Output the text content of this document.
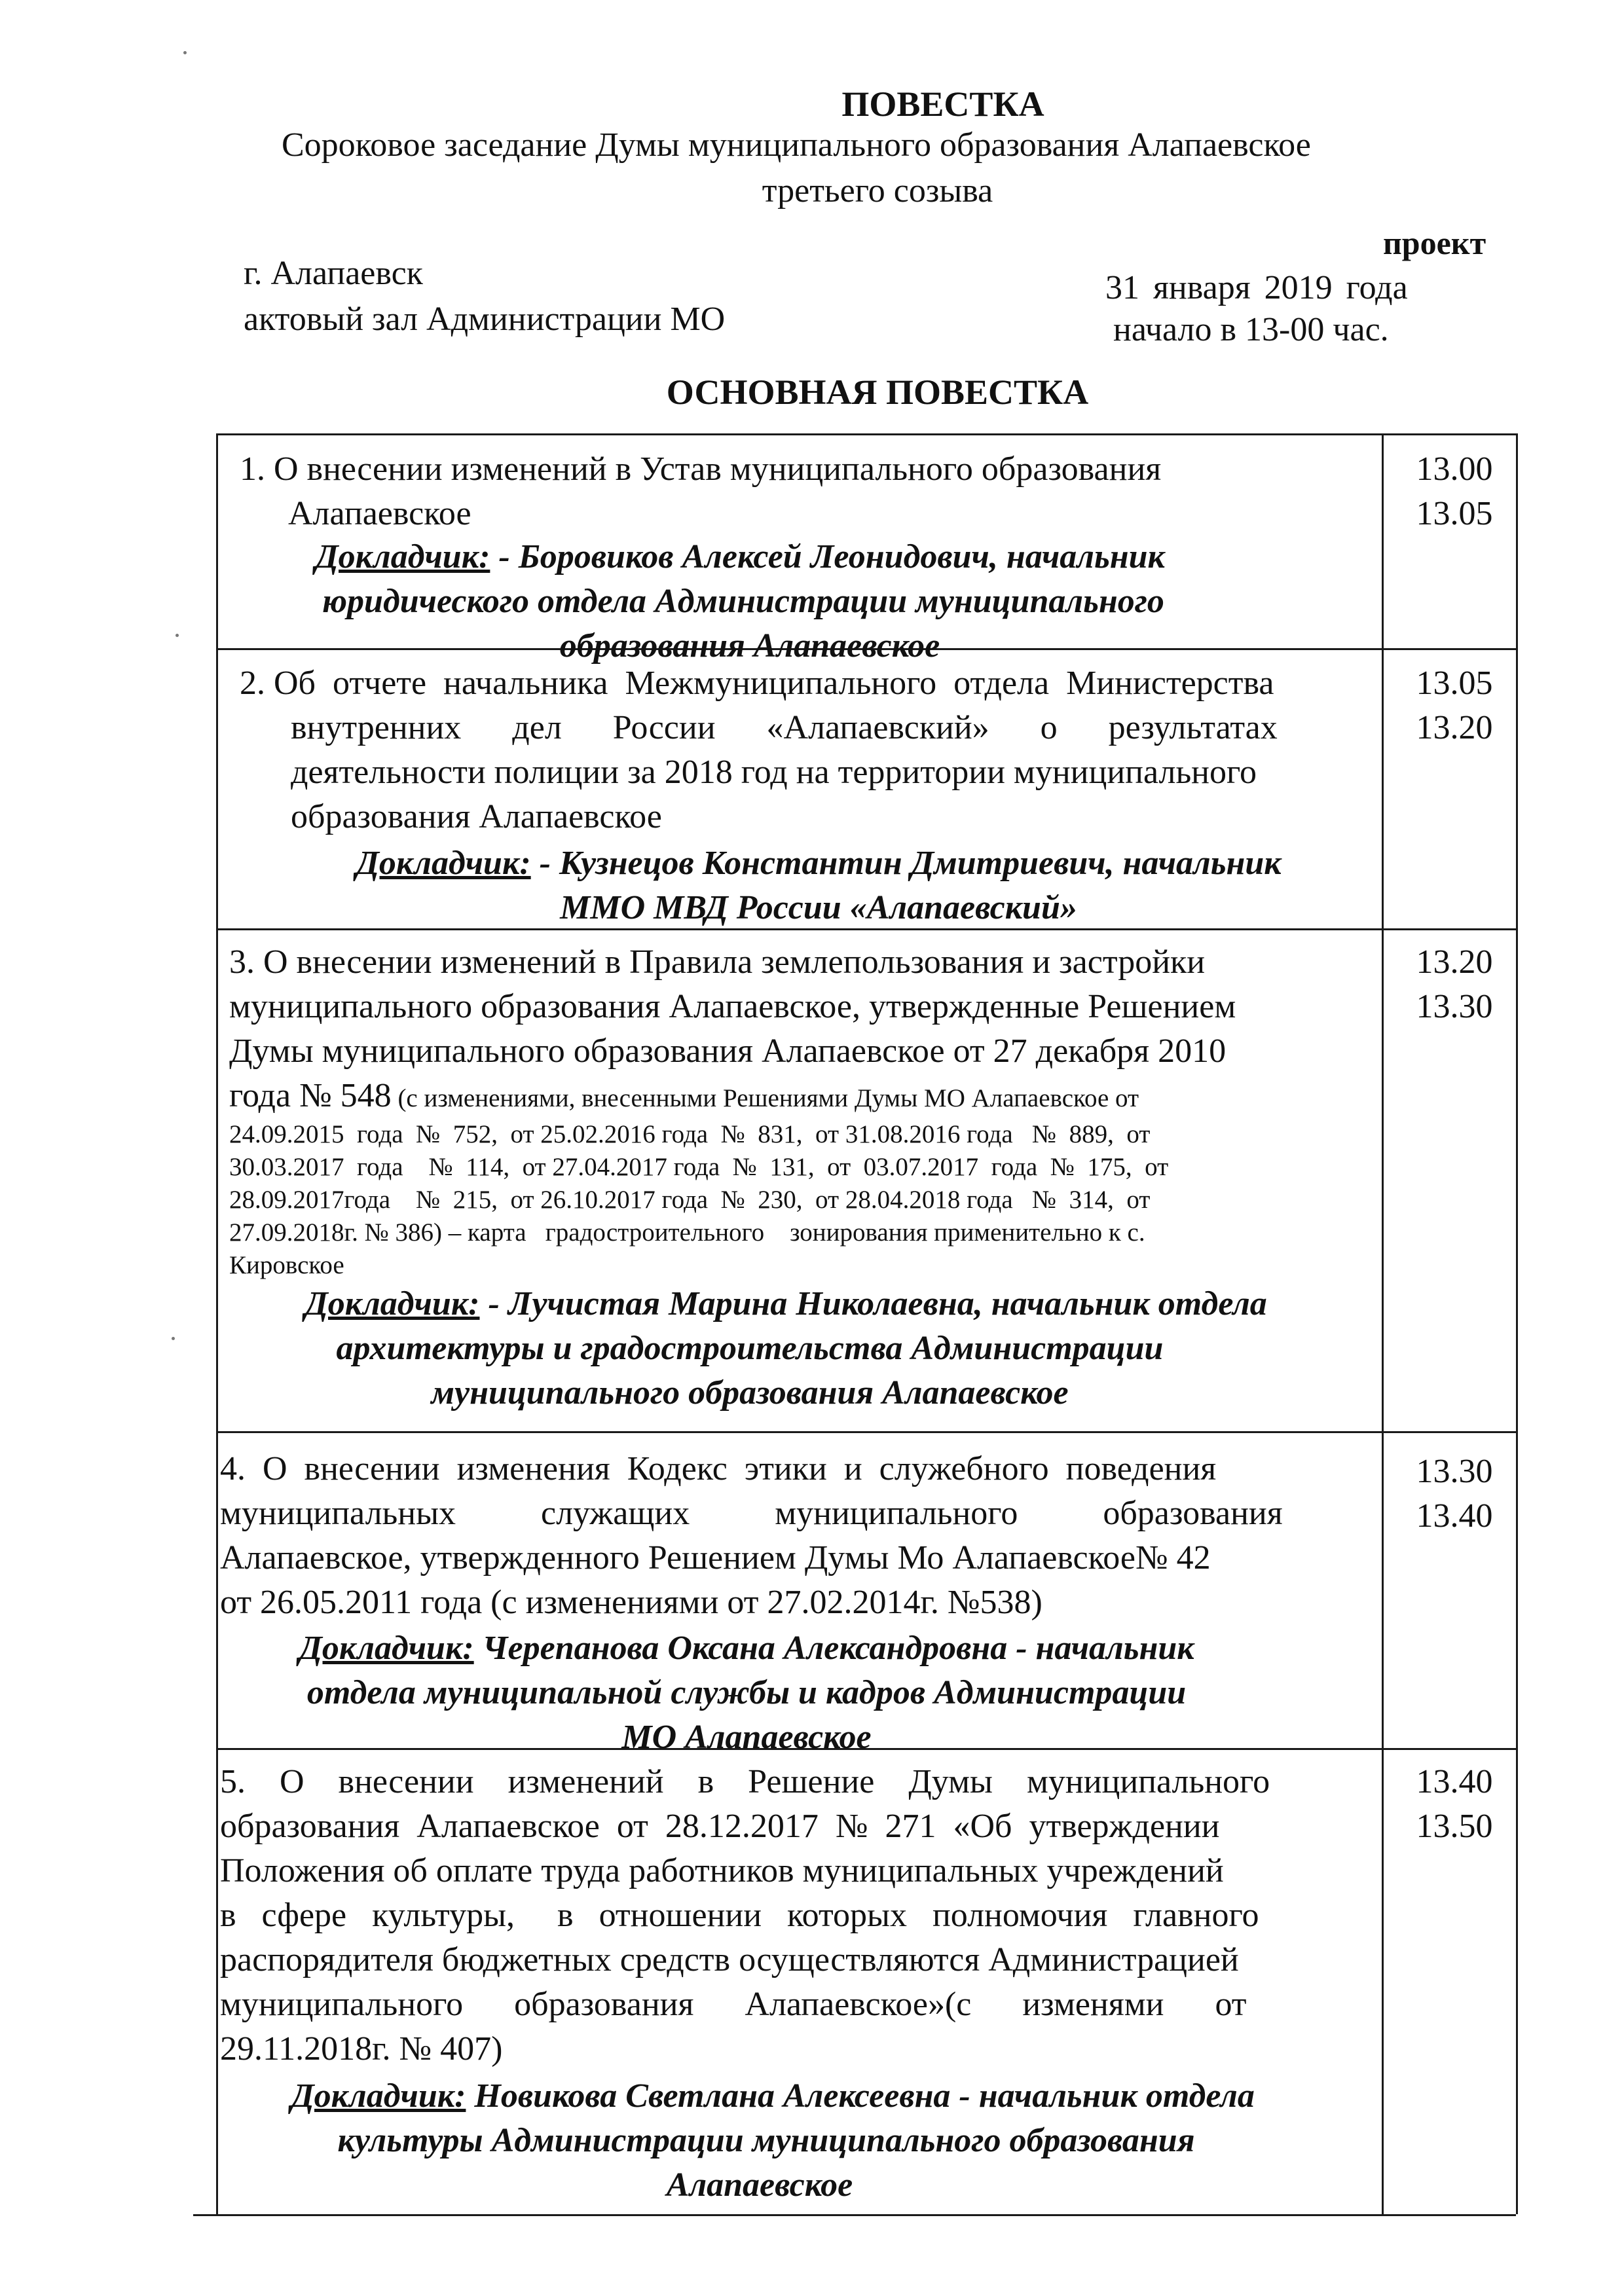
ПОВЕСТКА
Сороковое заседание Думы муниципального образования Алапаевское
третьего созыва
проект
г. Алапаевск
актовый зал Администрации МО
31 января 2019 года
начало в 13-00 час.
ОСНОВНАЯ ПОВЕСТКА
1. О внесении изменений в Устав муниципального образования
Алапаевское
Докладчик: - Боровиков Алексей Леонидович, начальник
юридического отдела Администрации муниципального
образования Алапаевское
13.00
13.05
2. Об  отчете  начальника  Межмуниципального  отдела  Министерства
внутренних      дел      России      «Алапаевский»      о      результатах
деятельности полиции за 2018 год на территории муниципального
образования Алапаевское
Докладчик: - Кузнецов Константин Дмитриевич, начальник
ММО МВД России «Алапаевский»
13.05
13.20
3. О внесении изменений в Правила землепользования и застройки
муниципального образования Алапаевское, утвержденные Решением
Думы муниципального образования Алапаевское от 27 декабря 2010
года № 548 (с изменениями, внесенными Решениями Думы МО Алапаевское от
24.09.2015  года  №  752,  от 25.02.2016 года  №  831,  от 31.08.2016 года   №  889,  от
30.03.2017  года    №  114,  от 27.04.2017 года  №  131,  от  03.07.2017  года  №  175,  от
28.09.2017года    №  215,  от 26.10.2017 года  №  230,  от 28.04.2018 года   №  314,  от
27.09.2018г. № 386) – карта   градостроительного    зонирования применительно к с.
Кировское
Докладчик: - Лучистая Марина Николаевна, начальник отдела
архитектуры и градостроительства Администрации
муниципального образования Алапаевское
13.20
13.30
4.  О  внесении  изменения  Кодекс  этики  и  служебного  поведения
муниципальных          служащих          муниципального          образования
Алапаевское, утвержденного Решением Думы Мо Алапаевское№ 42
от 26.05.2011 года (с изменениями от 27.02.2014г. №538)
Докладчик: Черепанова Оксана Александровна - начальник
отдела муниципальной службы и кадров Администрации
МО Алапаевское
13.30
13.40
5.    О    внесении    изменений    в    Решение    Думы    муниципального
образования  Алапаевское  от  28.12.2017  №  271  «Об  утверждении
Положения об оплате труда работников муниципальных учреждений
в   сфере   культуры,     в   отношении   которых   полномочия   главного
распорядителя бюджетных средств осуществляются Администрацией
муниципального      образования      Алапаевское»(с      изменями      от
29.11.2018г. № 407)
Докладчик: Новикова Светлана Алексеевна - начальник отдела
культуры Администрации муниципального образования
Алапаевское
13.40
13.50
